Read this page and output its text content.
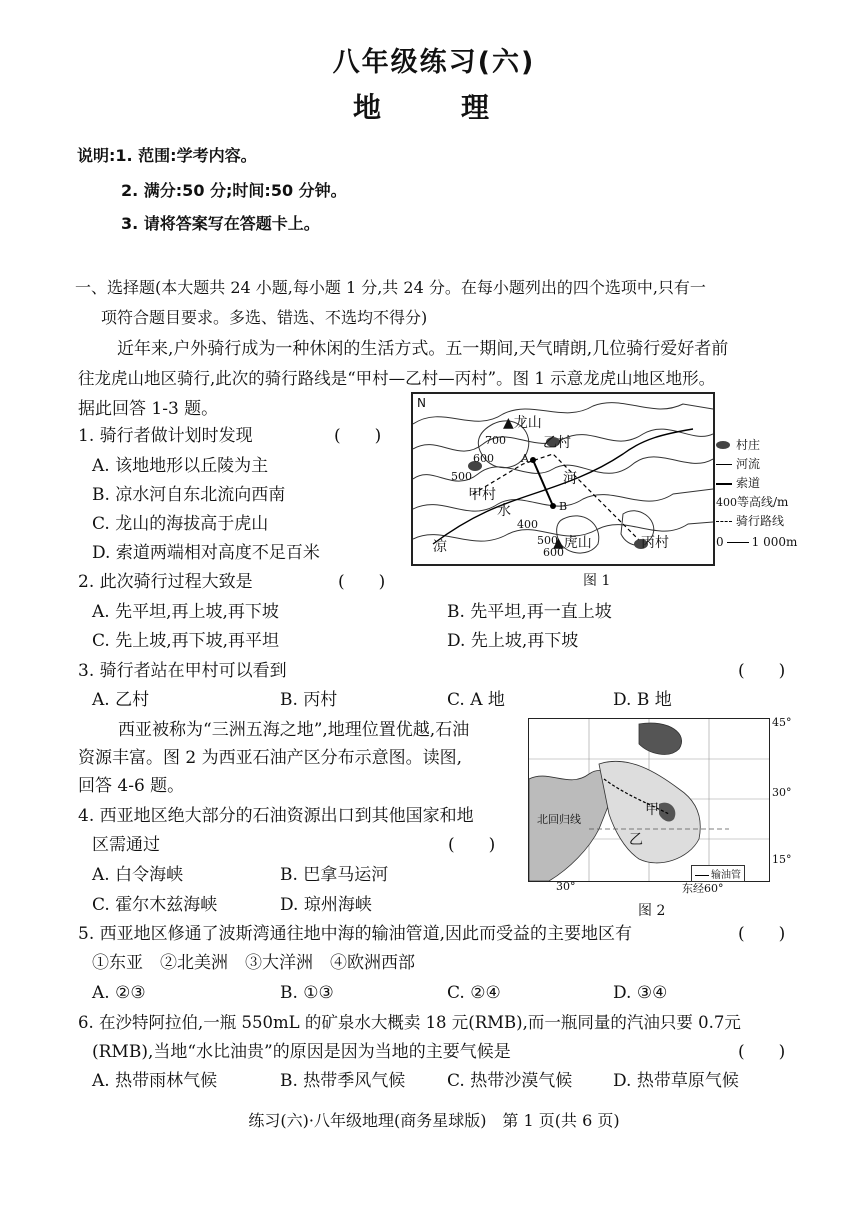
八年级练习(六)
地　理
说明:1. 范围:学考内容。
2. 满分:50 分;时间:50 分钟。
3. 请将答案写在答题卡上。
一、选择题(本大题共 24 小题,每小题 1 分,共 24 分。在每小题列出的四个选项中,只有一
项符合题目要求。多选、错选、不选均不得分)
近年来,户外骑行成为一种休闲的生活方式。五一期间,天气晴朗,几位骑行爱好者前
往龙虎山地区骑行,此次的骑行路线是“甲村—乙村—丙村”。图 1 示意龙虎山地区地形。
据此回答 1-3 题。
1. 骑行者做计划时发现	(　　)
A. 该地地形以丘陵为主
B. 凉水河自东北流向西南
C. 龙山的海拔高于虎山
D. 索道两端相对高度不足百米
N
▲龙山
乙村
甲村
▲虎山	丙村
A
B
河
水
凉
700
600
500
400
500
600
村庄
河流
索道
400等高线/m
骑行路线
0 1 000m
图 1
2. 此次骑行过程大致是	(　　)
A. 先平坦,再上坡,再下坡	B. 先平坦,再一直上坡
C. 先上坡,再下坡,再平坦	D. 先上坡,再下坡
3. 骑行者站在甲村可以看到	(　　)
A. 乙村	B. 丙村	C. A 地	D. B 地
西亚被称为“三洲五海之地”,地理位置优越,石油
资源丰富。图 2 为西亚石油产区分布示意图。读图,
回答 4-6 题。
甲
乙
北回归线
输油管
45°
30°
15°
30°	东经60°
图 2
4. 西亚地区绝大部分的石油资源出口到其他国家和地
区需通过	(　　)
A. 白令海峡	B. 巴拿马运河
C. 霍尔木兹海峡	D. 琼州海峡
5. 西亚地区修通了波斯湾通往地中海的输油管道,因此而受益的主要地区有	(　　)
①东亚　②北美洲　③大洋洲　④欧洲西部
A. ②③	B. ①③	C. ②④	D. ③④
6. 在沙特阿拉伯,一瓶 550mL 的矿泉水大概卖 18 元(RMB),而一瓶同量的汽油只要 0.7元
(RMB),当地“水比油贵”的原因是因为当地的主要气候是	(　　)
A. 热带雨林气候	B. 热带季风气候 C. 热带沙漠气候 D. 热带草原气候
练习(六)·八年级地理(商务星球版)　第 1 页(共 6 页)
